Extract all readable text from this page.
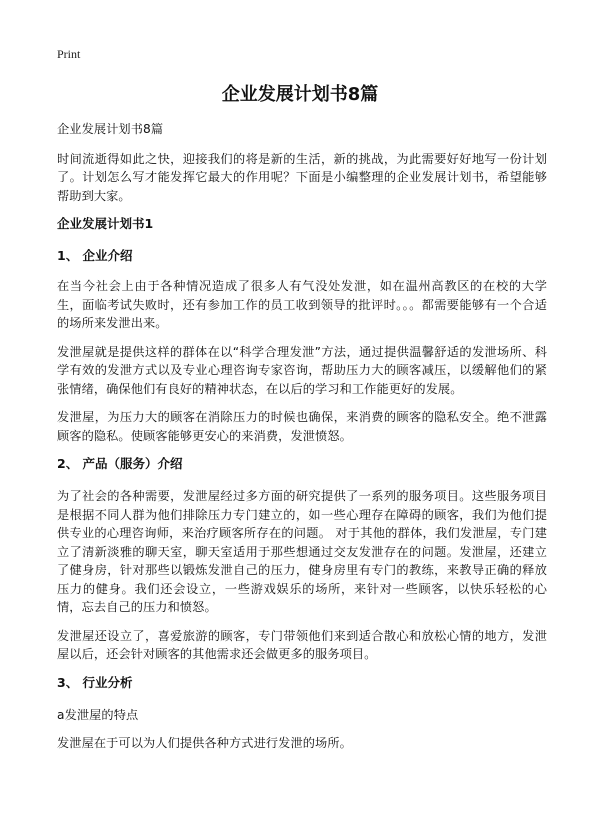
Print
企业发展计划书8篇

企业发展计划书8篇

时间流逝得如此之快，迎接我们的将是新的生活，新的挑战，为此需要好好地写一份计划了。计划怎么写才能发挥它最大的作用呢？下面是小编整理的企业发展计划书，希望能够帮助到大家。

企业发展计划书1
1、 企业介绍

在当今社会上由于各种情况造成了很多人有气没处发泄，如在温州高教区的在校的大学生，面临考试失败时，还有参加工作的员工收到领导的批评时。。。都需要能够有一个合适的场所来发泄出来。

发泄屋就是提供这样的群体在以“科学合理发泄”方法，通过提供温馨舒适的发泄场所、科学有效的发泄方式以及专业心理咨询专家咨询，帮助压力大的顾客减压，以缓解他们的紧张情绪，确保他们有良好的精神状态，在以后的学习和工作能更好的发展。

发泄屋，为压力大的顾客在消除压力的时候也确保，来消费的顾客的隐私安全。绝不泄露顾客的隐私。使顾客能够更安心的来消费，发泄愤怒。

2、 产品（服务）介绍

为了社会的各种需要，发泄屋经过多方面的研究提供了一系列的服务项目。这些服务项目是根据不同人群为他们排除压力专门建立的，如一些心理存在障碍的顾客，我们为他们提供专业的心理咨询师，来治疗顾客所存在的问题。 对于其他的群体，我们发泄屋，专门建立了清新淡雅的聊天室，聊天室适用于那些想通过交友发泄存在的问题。发泄屋，还建立了健身房，针对那些以锻炼发泄自己的压力，健身房里有专门的教练，来教导正确的释放压力的健身。我们还会设立，一些游戏娱乐的场所，来针对一些顾客，以快乐轻松的心情，忘去自己的压力和愤怒。

发泄屋还设立了，喜爱旅游的顾客，专门带领他们来到适合散心和放松心情的地方，发泄屋以后，还会针对顾客的其他需求还会做更多的服务项目。

3、 行业分析

a发泄屋的特点

发泄屋在于可以为人们提供各种方式进行发泄的场所。
